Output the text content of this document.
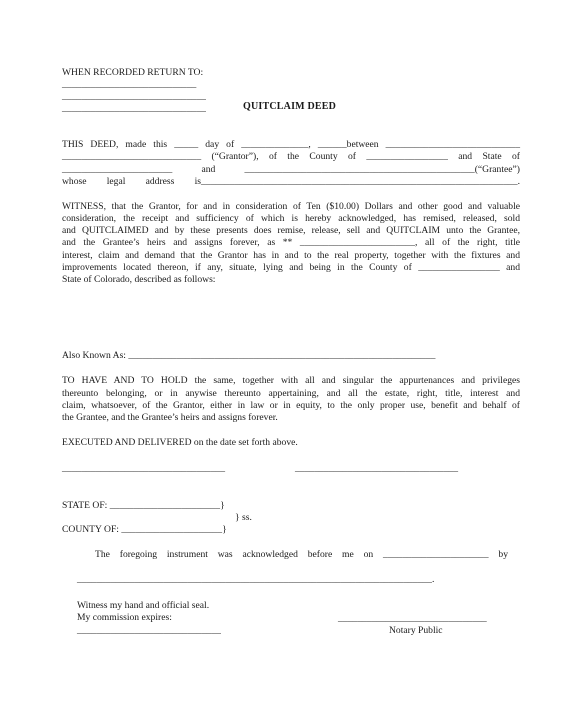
WHEN RECORDED RETURN TO:
____________________________
______________________________
______________________________	QUITCLAIM DEED
THIS DEED, made this _____ day of ______________, ______between ____________________________
_____________________________ (“Grantor”), of the County of _________________ and State of
_______________________ and ________________________________________________(“Grantee”)
whose legal address is__________________________________________________________________.
WITNESS, that the Grantor, for and in consideration of Ten ($10.00) Dollars and other good and valuable
consideration, the receipt and sufficiency of which is hereby acknowledged, has remised, released, sold
and QUITCLAIMED and by these presents does remise, release, sell and QUITCLAIM unto the Grantee,
and the Grantee’s heirs and assigns forever, as ** ________________________, all of the right, title
interest, claim and demand that the Grantor has in and to the real property, together with the fixtures and
improvements located thereon, if any, situate, lying and being in the County of _________________ and
State of Colorado, described as follows:
Also Known As: ________________________________________________________________
TO HAVE AND TO HOLD the same, together with all and singular the appurtenances and privileges
thereunto belonging, or in anywise thereunto appertaining, and all the estate, right, title, interest and
claim, whatsoever, of the Grantor, either in law or in equity, to the only proper use, benefit and behalf of
the Grantee, and the Grantee’s heirs and assigns forever.
EXECUTED AND DELIVERED on the date set forth above.
__________________________________	__________________________________
STATE OF: _______________________}
} ss.
COUNTY OF: _____________________}
The foregoing instrument was acknowledged before me on ______________________ by
__________________________________________________________________________.
Witness my hand and official seal.
My commission expires:
______________________________
_______________________________
Notary Public
